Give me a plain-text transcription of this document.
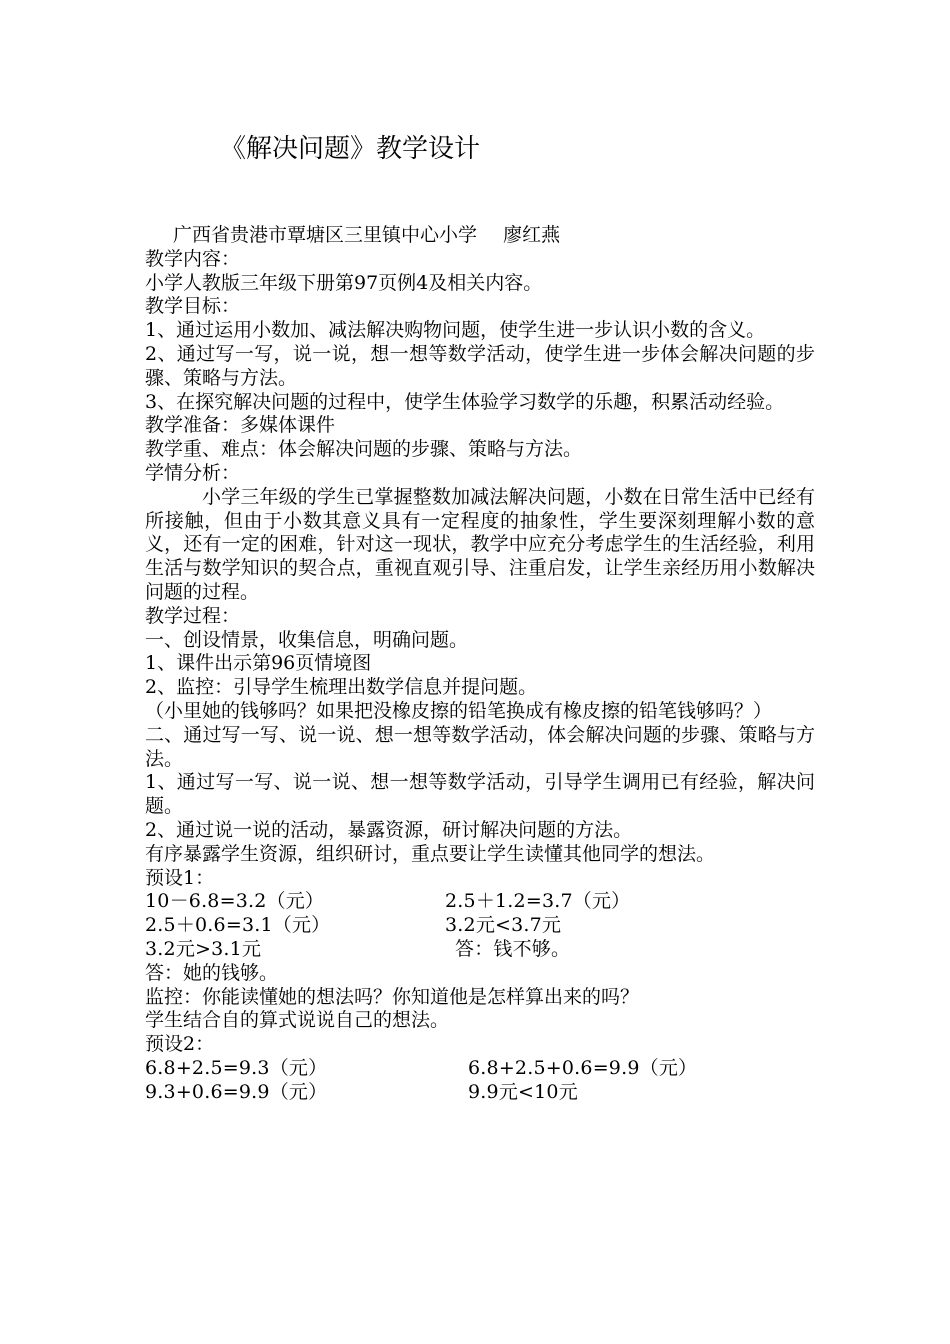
《解决问题》教学设计
广西省贵港市覃塘区三里镇中心小学 廖红燕
教学内容：
小学人教版三年级下册第97页例4及相关内容。
教学目标：
1、通过运用小数加、减法解决购物问题，使学生进一步认识小数的含义。
2、通过写一写，说一说，想一想等数学活动，使学生进一步体会解决问题的步骤、策略与方法。
3、在探究解决问题的过程中，使学生体验学习数学的乐趣，积累活动经验。
教学准备：多媒体课件
教学重、难点：体会解决问题的步骤、策略与方法。
学情分析：
小学三年级的学生已掌握整数加减法解决问题，小数在日常生活中已经有所接触，但由于小数其意义具有一定程度的抽象性，学生要深刻理解小数的意义，还有一定的困难，针对这一现状，教学中应充分考虑学生的生活经验，利用生活与数学知识的契合点，重视直观引导、注重启发，让学生亲经历用小数解决问题的过程。
教学过程：
一、创设情景，收集信息，明确问题。
1、课件出示第96页情境图
2、监控：引导学生梳理出数学信息并提问题。
（小里她的钱够吗？如果把没橡皮擦的铅笔换成有橡皮擦的铅笔钱够吗？）
二、通过写一写、说一说、想一想等数学活动，体会解决问题的步骤、策略与方法。
1、通过写一写、说一说、想一想等数学活动，引导学生调用已有经验，解决问题。
2、通过说一说的活动，暴露资源，研讨解决问题的方法。
有序暴露学生资源，组织研讨，重点要让学生读懂其他同学的想法。
预设1：
10－6.8=3.2（元）	2.5＋1.2=3.7（元）
2.5＋0.6=3.1（元）	3.2元<3.7元
3.2元>3.1元	答：钱不够。
答：她的钱够。
监控：你能读懂她的想法吗？你知道他是怎样算出来的吗？
学生结合自的算式说说自己的想法。
预设2：
6.8+2.5=9.3（元）	6.8+2.5+0.6=9.9（元）
9.3+0.6=9.9（元）	9.9元<10元
